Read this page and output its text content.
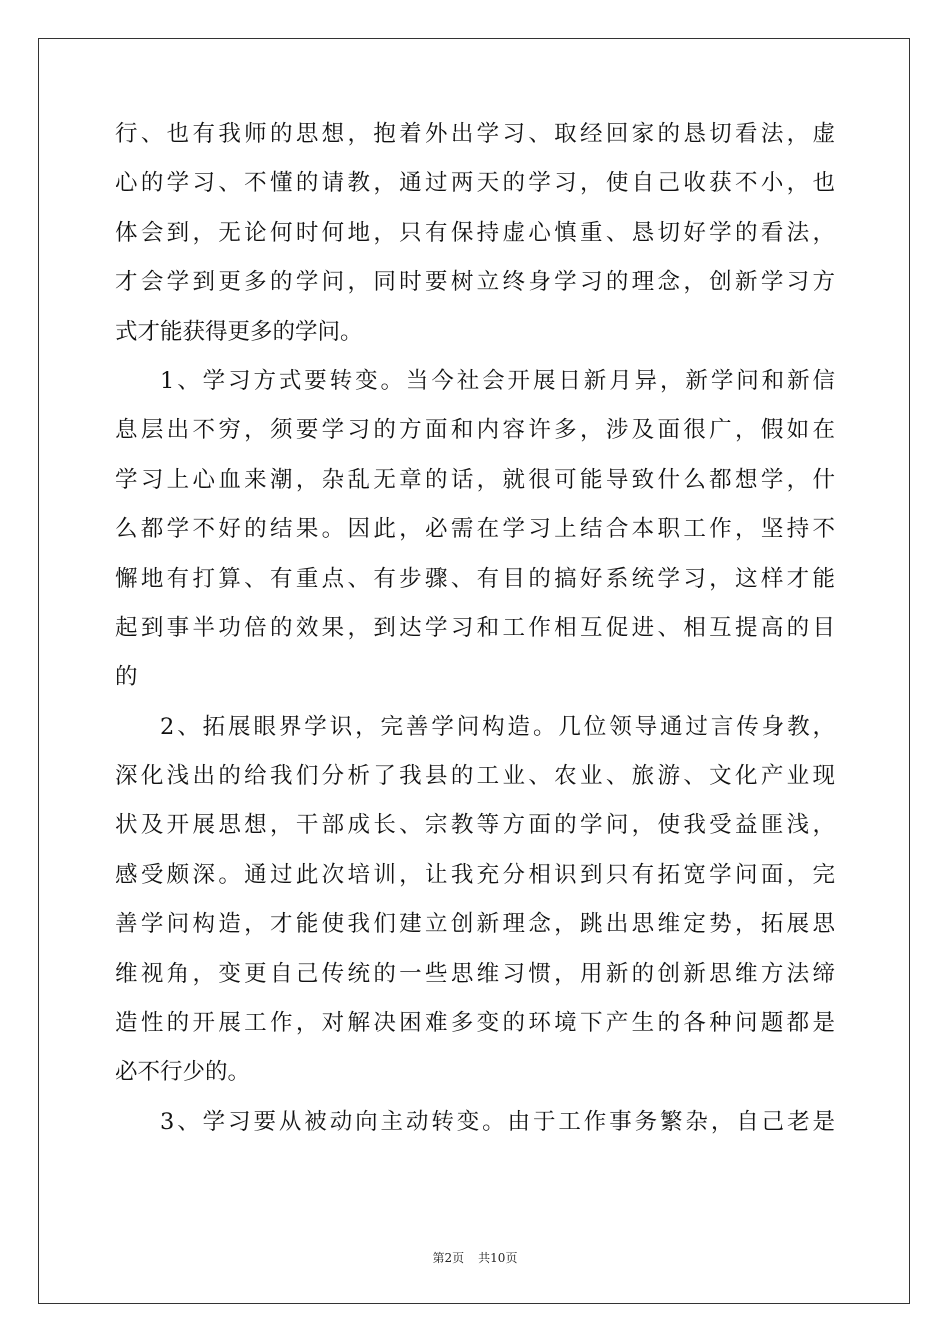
行、也有我师的思想，抱着外出学习、取经回家的恳切看法，虚
心的学习、不懂的请教，通过两天的学习，使自己收获不小，也
体会到，无论何时何地，只有保持虚心慎重、恳切好学的看法，
才会学到更多的学问，同时要树立终身学习的理念，创新学习方
式才能获得更多的学问。
1、学习方式要转变。当今社会开展日新月异，新学问和新信
息层出不穷，须要学习的方面和内容许多，涉及面很广，假如在
学习上心血来潮，杂乱无章的话，就很可能导致什么都想学，什
么都学不好的结果。因此，必需在学习上结合本职工作，坚持不
懈地有打算、有重点、有步骤、有目的搞好系统学习，这样才能
起到事半功倍的效果，到达学习和工作相互促进、相互提高的目
的
2、拓展眼界学识，完善学问构造。几位领导通过言传身教，
深化浅出的给我们分析了我县的工业、农业、旅游、文化产业现
状及开展思想，干部成长、宗教等方面的学问，使我受益匪浅，
感受颇深。通过此次培训，让我充分相识到只有拓宽学问面，完
善学问构造，才能使我们建立创新理念，跳出思维定势，拓展思
维视角，变更自己传统的一些思维习惯，用新的创新思维方法缔
造性的开展工作，对解决困难多变的环境下产生的各种问题都是
必不行少的。
3、学习要从被动向主动转变。由于工作事务繁杂，自己老是
第2页 共10页
